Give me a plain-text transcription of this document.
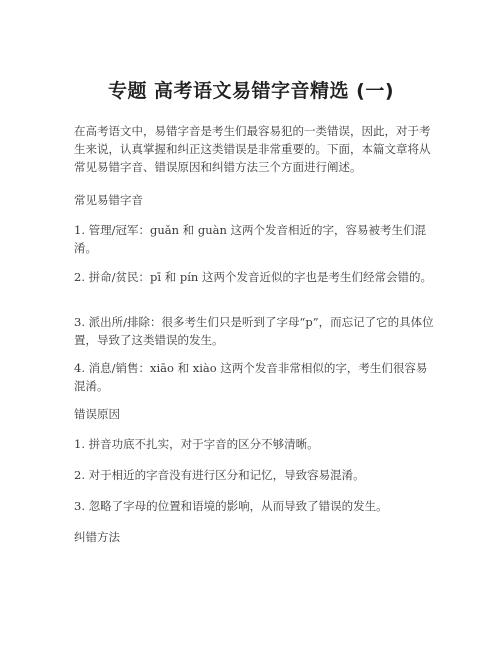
专题 高考语文易错字音精选 (一)
在高考语文中，易错字音是考生们最容易犯的一类错误，因此，对于考生来说，认真掌握和纠正这类错误是非常重要的。下面，本篇文章将从常见易错字音、错误原因和纠错方法三个方面进行阐述。
常见易错字音
1. 管理/冠军：guǎn 和 guàn 这两个发音相近的字，容易被考生们混淆。
2. 拼命/贫民：pī 和 pín 这两个发音近似的字也是考生们经常会错的。
3. 派出所/排除：很多考生们只是听到了字母“p”，而忘记了它的具体位置，导致了这类错误的发生。
4. 消息/销售：xiāo 和 xiào 这两个发音非常相似的字，考生们很容易混淆。
错误原因
1. 拼音功底不扎实，对于字音的区分不够清晰。
2. 对于相近的字音没有进行区分和记忆，导致容易混淆。
3. 忽略了字母的位置和语境的影响，从而导致了错误的发生。
纠错方法
